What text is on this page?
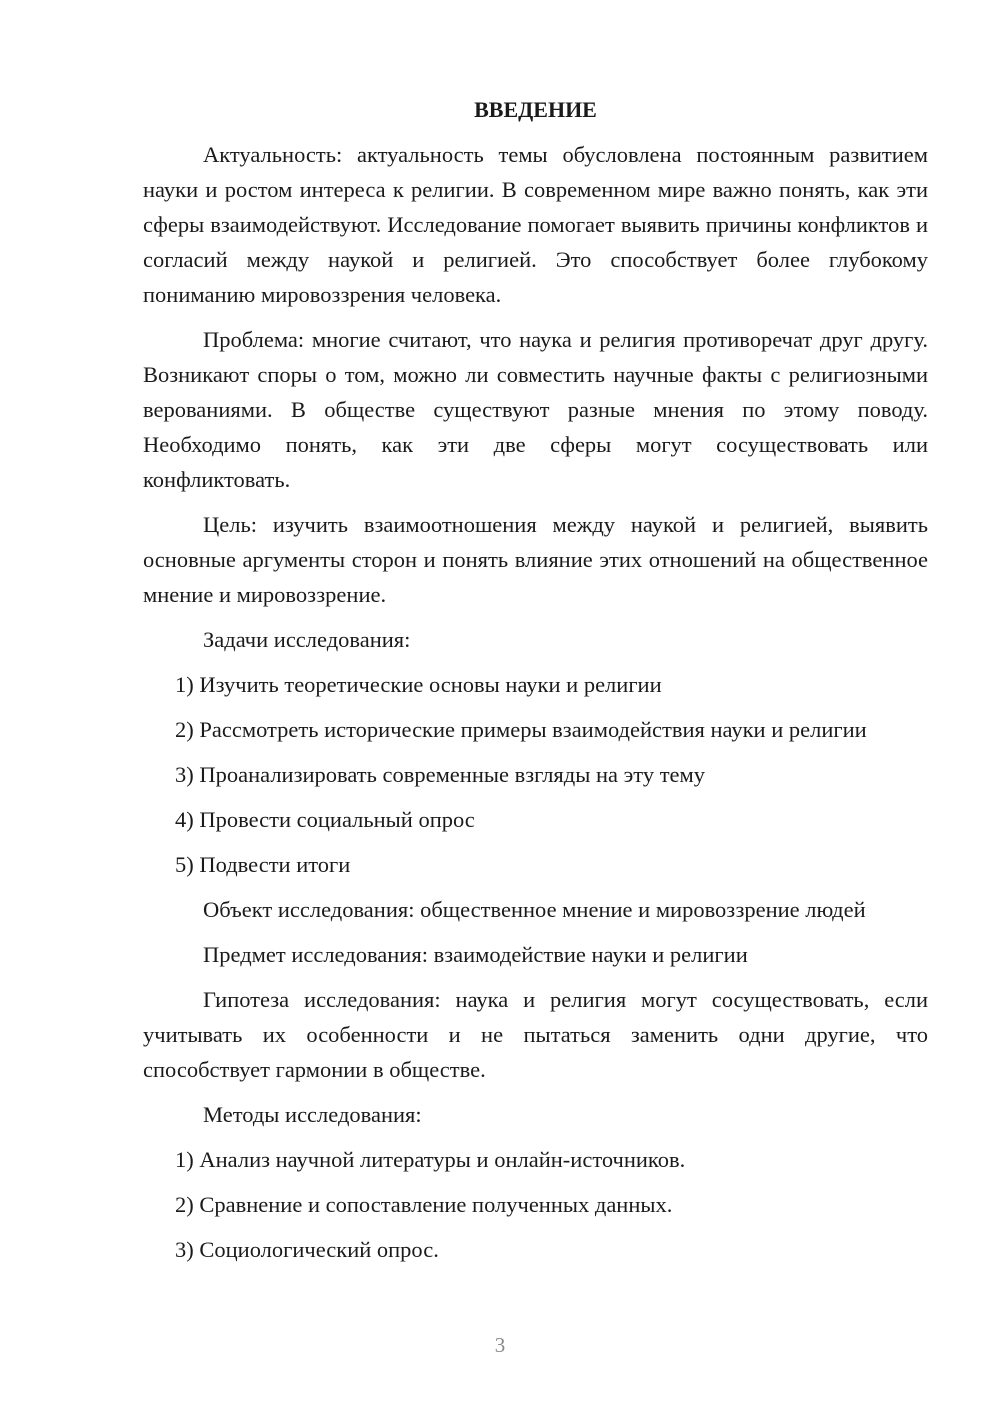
ВВЕДЕНИЕ
Актуальность: актуальность темы обусловлена постоянным развитием науки и ростом интереса к религии. В современном мире важно понять, как эти сферы взаимодействуют. Исследование помогает выявить причины конфликтов и согласий между наукой и религией. Это способствует более глубокому пониманию мировоззрения человека.
Проблема: многие считают, что наука и религия противоречат друг другу. Возникают споры о том, можно ли совместить научные факты с религиозными верованиями. В обществе существуют разные мнения по этому поводу. Необходимо понять, как эти две сферы могут сосуществовать или конфликтовать.
Цель: изучить взаимоотношения между наукой и религией, выявить основные аргументы сторон и понять влияние этих отношений на общественное мнение и мировоззрение.
Задачи исследования:
1) Изучить теоретические основы науки и религии
2) Рассмотреть исторические примеры взаимодействия науки и религии
3) Проанализировать современные взгляды на эту тему
4) Провести социальный опрос
5) Подвести итоги
Объект исследования: общественное мнение и мировоззрение людей
Предмет исследования: взаимодействие науки и религии
Гипотеза исследования: наука и религия могут сосуществовать, если учитывать их особенности и не пытаться заменить одни другие, что способствует гармонии в обществе.
Методы исследования:
1) Анализ научной литературы и онлайн-источников.
2) Сравнение и сопоставление полученных данных.
3) Социологический опрос.
3
